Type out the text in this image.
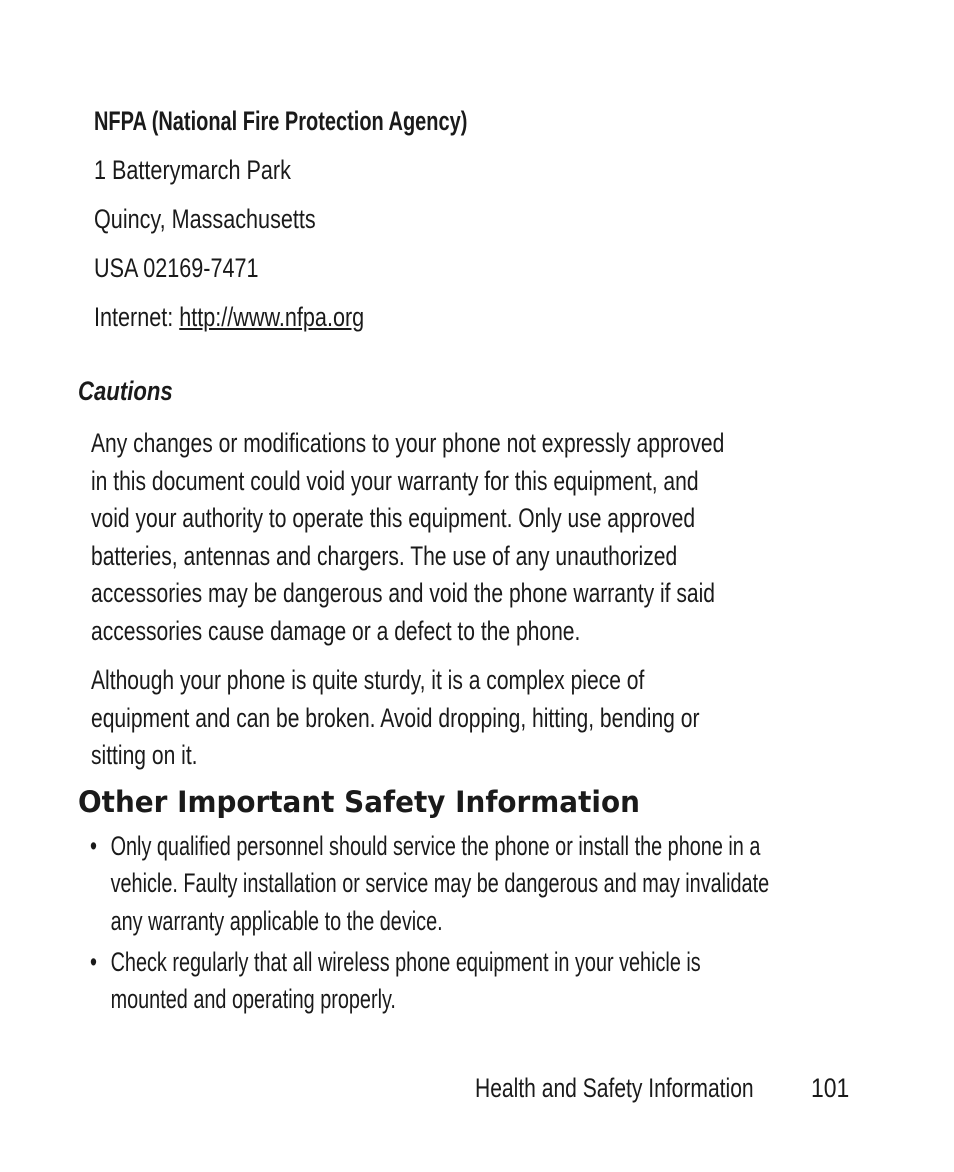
NFPA (National Fire Protection Agency)
1 Batterymarch Park
Quincy, Massachusetts
USA 02169-7471
Internet: http://www.nfpa.org
Cautions
Any changes or modifications to your phone not expressly approved
in this document could void your warranty for this equipment, and
void your authority to operate this equipment. Only use approved
batteries, antennas and chargers. The use of any unauthorized
accessories may be dangerous and void the phone warranty if said
accessories cause damage or a defect to the phone.
Although your phone is quite sturdy, it is a complex piece of
equipment and can be broken. Avoid dropping, hitting, bending or
sitting on it.
Other Important Safety Information
• Only qualified personnel should service the phone or install the phone in a
vehicle. Faulty installation or service may be dangerous and may invalidate
any warranty applicable to the device.
• Check regularly that all wireless phone equipment in your vehicle is
mounted and operating properly.
Health and Safety Information 101
